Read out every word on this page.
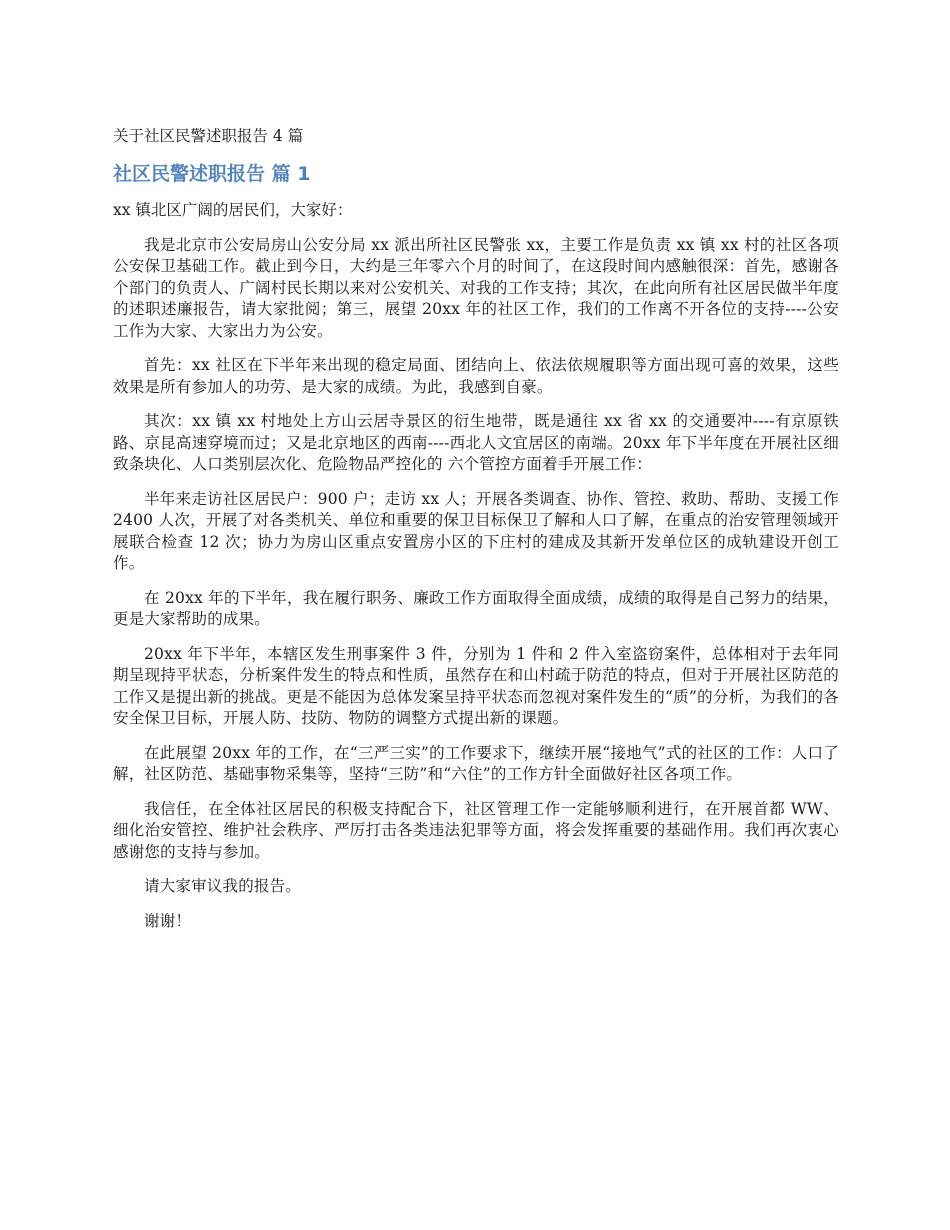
关于社区民警述职报告 4 篇
社区民警述职报告 篇 1
xx 镇北区广阔的居民们，大家好：

我是北京市公安局房山公安分局 xx 派出所社区民警张 xx，主要工作是负责 xx 镇 xx 村的社区各项公安保卫基础工作。截止到今日，大约是三年零六个月的时间了，在这段时间内感触很深：首先，感谢各个部门的负责人、广阔村民长期以来对公安机关、对我的工作支持；其次，在此向所有社区居民做半年度的述职述廉报告，请大家批阅；第三，展望 20xx 年的社区工作，我们的工作离不开各位的支持----公安工作为大家、大家出力为公安。

首先：xx 社区在下半年来出现的稳定局面、团结向上、依法依规履职等方面出现可喜的效果，这些效果是所有参加人的功劳、是大家的成绩。为此，我感到自豪。

其次：xx 镇 xx 村地处上方山云居寺景区的衍生地带，既是通往 xx 省 xx 的交通要冲----有京原铁路、京昆高速穿境而过；又是北京地区的西南----西北人文宜居区的南端。20xx 年下半年度在开展社区细致条块化、人口类别层次化、危险物品严控化的 六个管控方面着手开展工作：

半年来走访社区居民户：900 户；走访 xx 人；开展各类调查、协作、管控、救助、帮助、支援工作 2400 人次，开展了对各类机关、单位和重要的保卫目标保卫了解和人口了解，在重点的治安管理领域开展联合检查 12 次；协力为房山区重点安置房小区的下庄村的建成及其新开发单位区的成轨建设开创工作。

在 20xx 年的下半年，我在履行职务、廉政工作方面取得全面成绩，成绩的取得是自己努力的结果，更是大家帮助的成果。

20xx 年下半年，本辖区发生刑事案件 3 件，分别为 1 件和 2 件入室盗窃案件，总体相对于去年同期呈现持平状态，分析案件发生的特点和性质，虽然存在和山村疏于防范的特点，但对于开展社区防范的工作又是提出新的挑战。更是不能因为总体发案呈持平状态而忽视对案件发生的“质”的分析，为我们的各安全保卫目标，开展人防、技防、物防的调整方式提出新的课题。

在此展望 20xx 年的工作，在“三严三实”的工作要求下，继续开展“接地气”式的社区的工作：人口了解，社区防范、基础事物采集等，坚持“三防”和“六住”的工作方针全面做好社区各项工作。

我信任，在全体社区居民的积极支持配合下，社区管理工作一定能够顺利进行，在开展首都 WW、细化治安管控、维护社会秩序、严厉打击各类违法犯罪等方面，将会发挥重要的基础作用。我们再次衷心感谢您的支持与参加。

请大家审议我的报告。

谢谢！
